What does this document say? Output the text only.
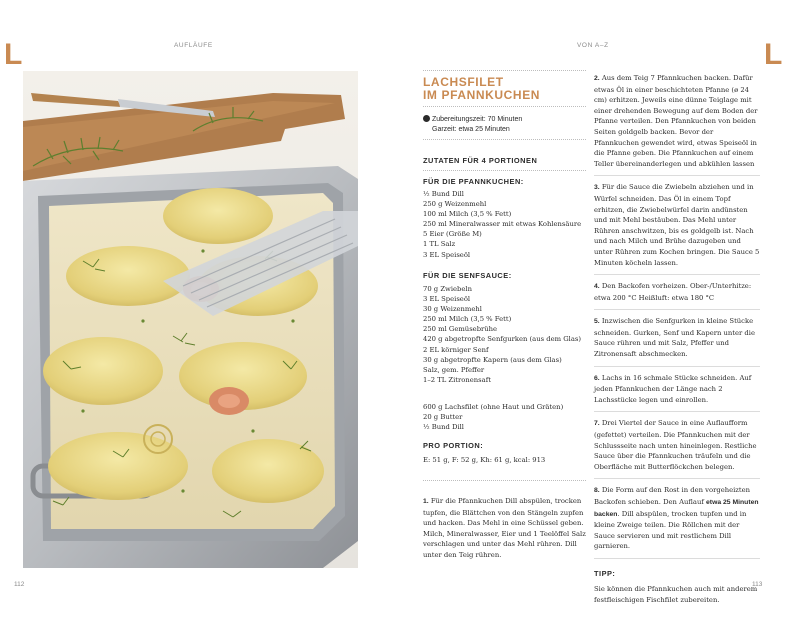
L	L
AUFLÄUFE	VON A–Z
112	113
LACHSFILET
IM PFANNKUCHEN
Zubereitungszeit: 70 Minuten
Garzeit: etwa 25 Minuten
ZUTATEN FÜR 4 PORTIONEN
FÜR DIE PFANNKUCHEN:
½ Bund Dill
250 g Weizenmehl
100 ml Milch (3,5 % Fett)
250 ml Mineralwasser mit etwas Kohlensäure
5 Eier (Größe M)
1 TL Salz
3 EL Speiseöl
FÜR DIE SENFSAUCE:
70 g Zwiebeln
3 EL Speiseöl
30 g Weizenmehl
250 ml Milch (3,5 % Fett)
250 ml Gemüsebrühe
420 g abgetropfte Senfgurken (aus dem Glas)
2 EL körniger Senf
30 g abgetropfte Kapern (aus dem Glas)
Salz, gem. Pfeffer
1–2 TL Zitronensaft
600 g Lachsfilet (ohne Haut und Gräten)
20 g Butter
½ Bund Dill
PRO PORTION:
E: 51 g, F: 52 g, Kh: 61 g, kcal: 913
1. Für die Pfannkuchen Dill abspülen, trocken tupfen, die Blättchen von den Stängeln zupfen und hacken. Das Mehl in eine Schüssel geben. Milch, Mineralwasser, Eier und 1 Teelöffel Salz verschlagen und unter das Mehl rühren. Dill unter den Teig rühren.
2. Aus dem Teig 7 Pfannkuchen backen. Dafür etwas Öl in einer beschichteten Pfanne (ø 24 cm) erhitzen. Jeweils eine dünne Teiglage mit einer drehenden Bewegung auf dem Boden der Pfanne verteilen. Den Pfannkuchen von beiden Seiten goldgelb backen. Bevor der Pfannkuchen gewendet wird, etwas Speiseöl in die Pfanne geben. Die Pfannkuchen auf einem Teller übereinanderlegen und abkühlen lassen
3. Für die Sauce die Zwiebeln abziehen und in Würfel schneiden. Das Öl in einem Topf erhitzen, die Zwiebelwürfel darin andünsten und mit Mehl bestäuben. Das Mehl unter Rühren anschwitzen, bis es goldgelb ist. Nach und nach Milch und Brühe dazugeben und unter Rühren zum Kochen bringen. Die Sauce 5 Minuten köcheln lassen.
4. Den Backofen vorheizen. Ober-/Unterhitze: etwa 200 °C Heißluft: etwa 180 °C
5. Inzwischen die Senfgurken in kleine Stücke schneiden. Gurken, Senf und Kapern unter die Sauce rühren und mit Salz, Pfeffer und Zitronensaft abschmecken.
6. Lachs in 16 schmale Stücke schneiden. Auf jeden Pfannkuchen der Länge nach 2 Lachsstücke legen und einrollen.
7. Drei Viertel der Sauce in eine Auflaufform (gefettet) verteilen. Die Pfannkuchen mit der Schlussseite nach unten hineinlegen. Restliche Sauce über die Pfannkuchen träufeln und die Oberfläche mit Butterflöckchen belegen.
8. Die Form auf den Rost in den vorgeheizten Backofen schieben. Den Auflauf etwa 25 Minuten backen. Dill abspülen, trocken tupfen und in kleine Zweige teilen. Die Röllchen mit der Sauce servieren und mit restlichem Dill garnieren.
TIPP:
Sie können die Pfannkuchen auch mit anderem festfleischigen Fischfilet zubereiten.
